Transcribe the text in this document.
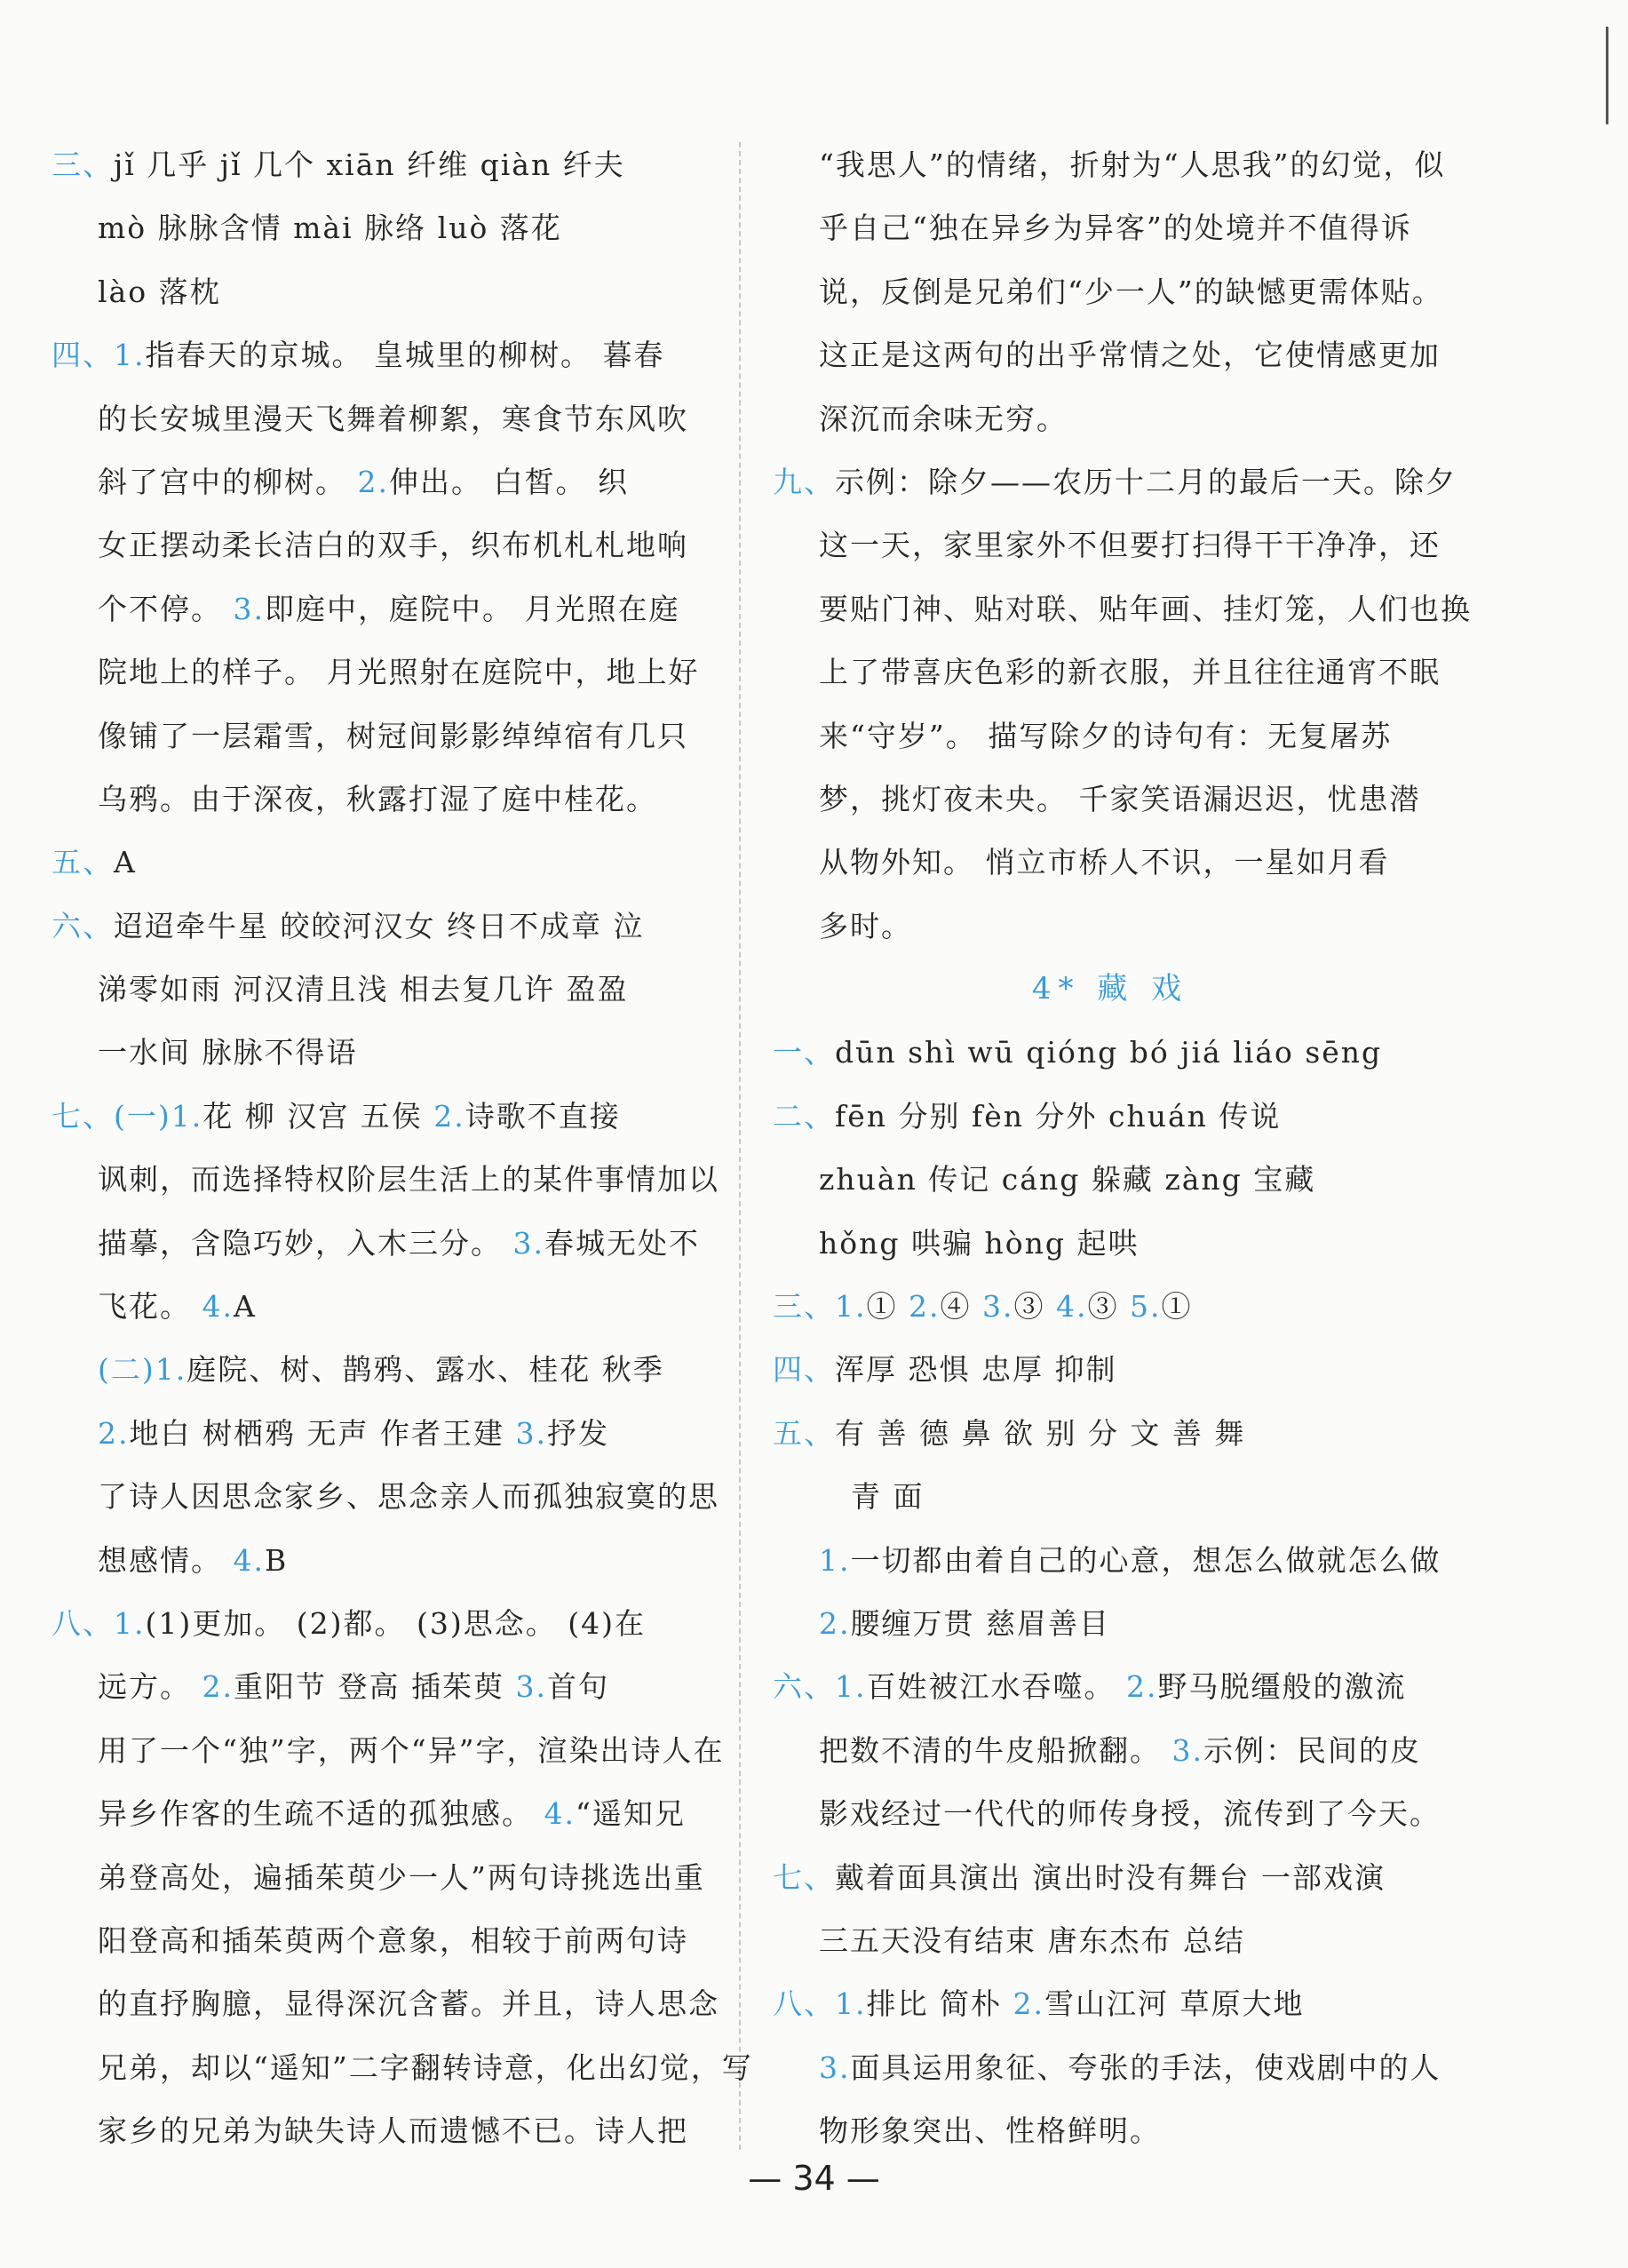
三、jǐ 几乎 jǐ 几个 xiān 纤维 qiàn 纤夫
mò 脉脉含情 mài 脉络 luò 落花
lào 落枕
四、1.指春天的京城。 皇城里的柳树。 暮春
的长安城里漫天飞舞着柳絮，寒食节东风吹
斜了宫中的柳树。 2.伸出。 白皙。 织
女正摆动柔长洁白的双手，织布机札札地响
个不停。 3.即庭中，庭院中。 月光照在庭
院地上的样子。 月光照射在庭院中，地上好
像铺了一层霜雪，树冠间影影绰绰宿有几只
乌鸦。由于深夜，秋露打湿了庭中桂花。
五、A
六、迢迢牵牛星 皎皎河汉女 终日不成章 泣
涕零如雨 河汉清且浅 相去复几许 盈盈
一水间 脉脉不得语
七、(一)1.花 柳 汉宫 五侯 2.诗歌不直接
讽刺，而选择特权阶层生活上的某件事情加以
描摹，含隐巧妙，入木三分。 3.春城无处不
飞花。 4.A
(二)1.庭院、树、鹊鸦、露水、桂花 秋季
2.地白 树栖鸦 无声 作者王建 3.抒发
了诗人因思念家乡、思念亲人而孤独寂寞的思
想感情。 4.B
八、1.(1)更加。 (2)都。 (3)思念。 (4)在
远方。 2.重阳节 登高 插茱萸 3.首句
用了一个“独”字，两个“异”字，渲染出诗人在
异乡作客的生疏不适的孤独感。 4.“遥知兄
弟登高处，遍插茱萸少一人”两句诗挑选出重
阳登高和插茱萸两个意象，相较于前两句诗
的直抒胸臆，显得深沉含蓄。并且，诗人思念
兄弟，却以“遥知”二字翻转诗意，化出幻觉，写
家乡的兄弟为缺失诗人而遗憾不已。诗人把
“我思人”的情绪，折射为“人思我”的幻觉，似
乎自己“独在异乡为异客”的处境并不值得诉
说，反倒是兄弟们“少一人”的缺憾更需体贴。
这正是这两句的出乎常情之处，它使情感更加
深沉而余味无穷。
九、示例：除夕——农历十二月的最后一天。除夕
这一天，家里家外不但要打扫得干干净净，还
要贴门神、贴对联、贴年画、挂灯笼，人们也换
上了带喜庆色彩的新衣服，并且往往通宵不眠
来“守岁”。 描写除夕的诗句有：无复屠苏
梦，挑灯夜未央。 千家笑语漏迟迟，忧患潜
从物外知。 悄立市桥人不识，一星如月看
多时。
4* 藏 戏
一、dūn shì wū qióng bó jiá liáo sēng
二、fēn 分别 fèn 分外 chuán 传说
zhuàn 传记 cáng 躲藏 zàng 宝藏
hǒng 哄骗 hòng 起哄
三、1.① 2.④ 3.③ 4.③ 5.①
四、浑厚 恐惧 忠厚 抑制
五、有 善 德 鼻 欲 别 分 文 善 舞
青 面
1.一切都由着自己的心意，想怎么做就怎么做
2.腰缠万贯 慈眉善目
六、1.百姓被江水吞噬。 2.野马脱缰般的激流
把数不清的牛皮船掀翻。 3.示例：民间的皮
影戏经过一代代的师传身授，流传到了今天。
七、戴着面具演出 演出时没有舞台 一部戏演
三五天没有结束 唐东杰布 总结
八、1.排比 简朴 2.雪山江河 草原大地
3.面具运用象征、夸张的手法，使戏剧中的人
物形象突出、性格鲜明。
— 34 —
